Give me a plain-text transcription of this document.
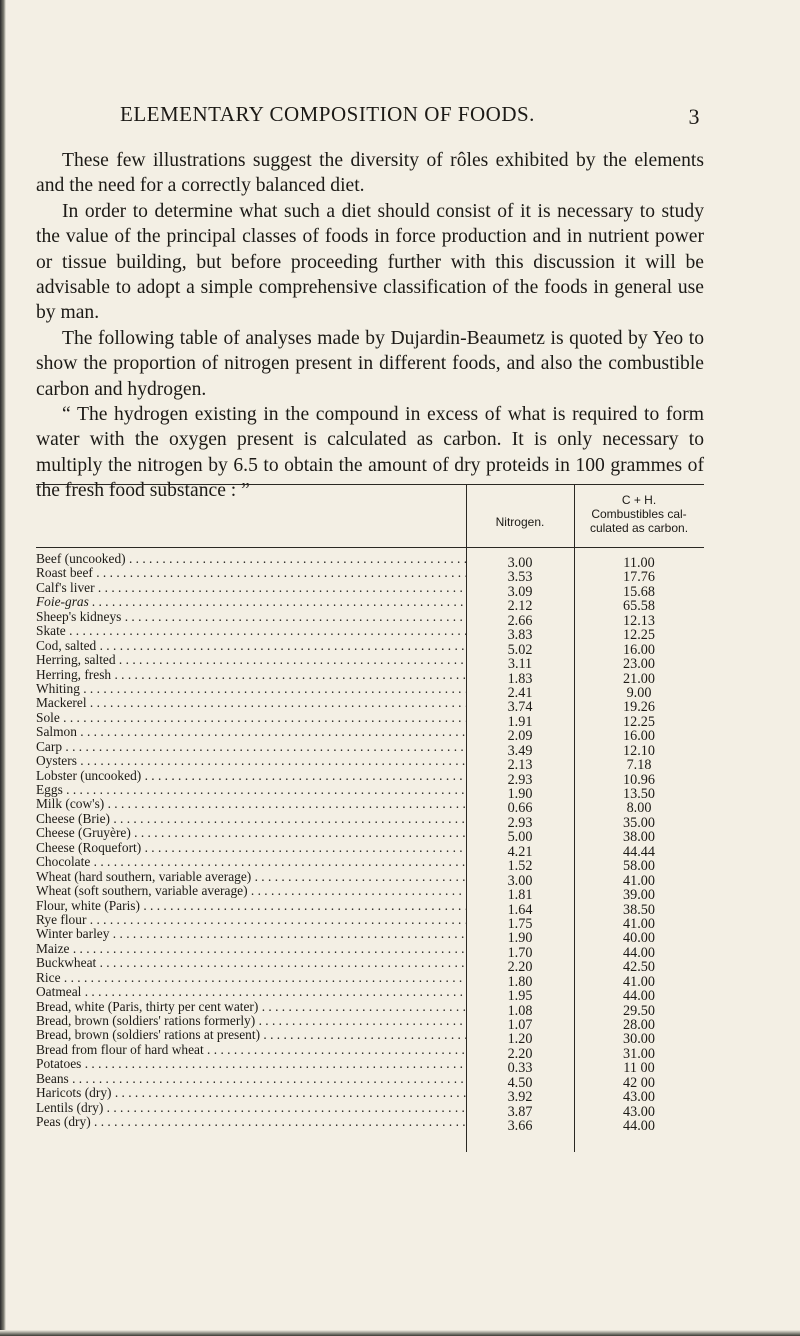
ELEMENTARY COMPOSITION OF FOODS.	3

These few illustrations suggest the diversity of rôles exhibited by the elements and the need for a correctly balanced diet.

In order to determine what such a diet should consist of it is necessary to study the value of the principal classes of foods in force production and in nutrient power or tissue building, but before proceeding further with this discussion it will be advisable to adopt a simple comprehensive classification of the foods in general use by man.

The following table of analyses made by Dujardin-Beaumetz is quoted by Yeo to show the proportion of nitrogen present in different foods, and also the combustible carbon and hydrogen.

“ The hydrogen existing in the compound in excess of what is required to form water with the oxygen present is calculated as carbon. It is only necessary to multiply the nitrogen by 6.5 to obtain the amount of dry proteids in 100 grammes of the fresh food substance : ”

Nitrogen.
C + H.
Combustibles cal-
culated as carbon.
Beef (uncooked) . . .	3.00	11.00
Roast beef . . .	3.53	17.76
Calf's liver . . .	3.09	15.68
Foie-gras . . .	2.12	65.58
Sheep's kidneys . . .	2.66	12.13
Skate . . .	3.83	12.25
Cod, salted . . .	5.02	16.00
Herring, salted . . .	3.11	23.00
Herring, fresh . . .	1.83	21.00
Whiting . . .	2.41	9.00
Mackerel . . .	3.74	19.26
Sole . . .	1.91	12.25
Salmon . . .	2.09	16.00
Carp . . .	3.49	12.10
Oysters . . .	2.13	7.18
Lobster (uncooked) . . .	2.93	10.96
Eggs . . .	1.90	13.50
Milk (cow's) . . .	0.66	8.00
Cheese (Brie) . . .	2.93	35.00
Cheese (Gruyère) . . .	5.00	38.00
Cheese (Roquefort) . . .	4.21	44.44
Chocolate . . .	1.52	58.00
Wheat (hard southern, variable average) . . .	3.00	41.00
Wheat (soft southern, variable average) . . .	1.81	39.00
Flour, white (Paris) . . .	1.64	38.50
Rye flour . . .	1.75	41.00
Winter barley . . .	1.90	40.00
Maize . . .	1.70	44.00
Buckwheat . . .	2.20	42.50
Rice . . .	1.80	41.00
Oatmeal . . .	1.95	44.00
Bread, white (Paris, thirty per cent water) . . .	1.08	29.50
Bread, brown (soldiers' rations formerly) . . .	1.07	28.00
Bread, brown (soldiers' rations at present) . . .	1.20	30.00
Bread from flour of hard wheat . . .	2.20	31.00
Potatoes . . .	0.33	11 00
Beans . . .	4.50	42 00
Haricots (dry) . . .	3.92	43.00
Lentils (dry) . . .	3.87	43.00
Peas (dry) . . .	3.66	44.00
